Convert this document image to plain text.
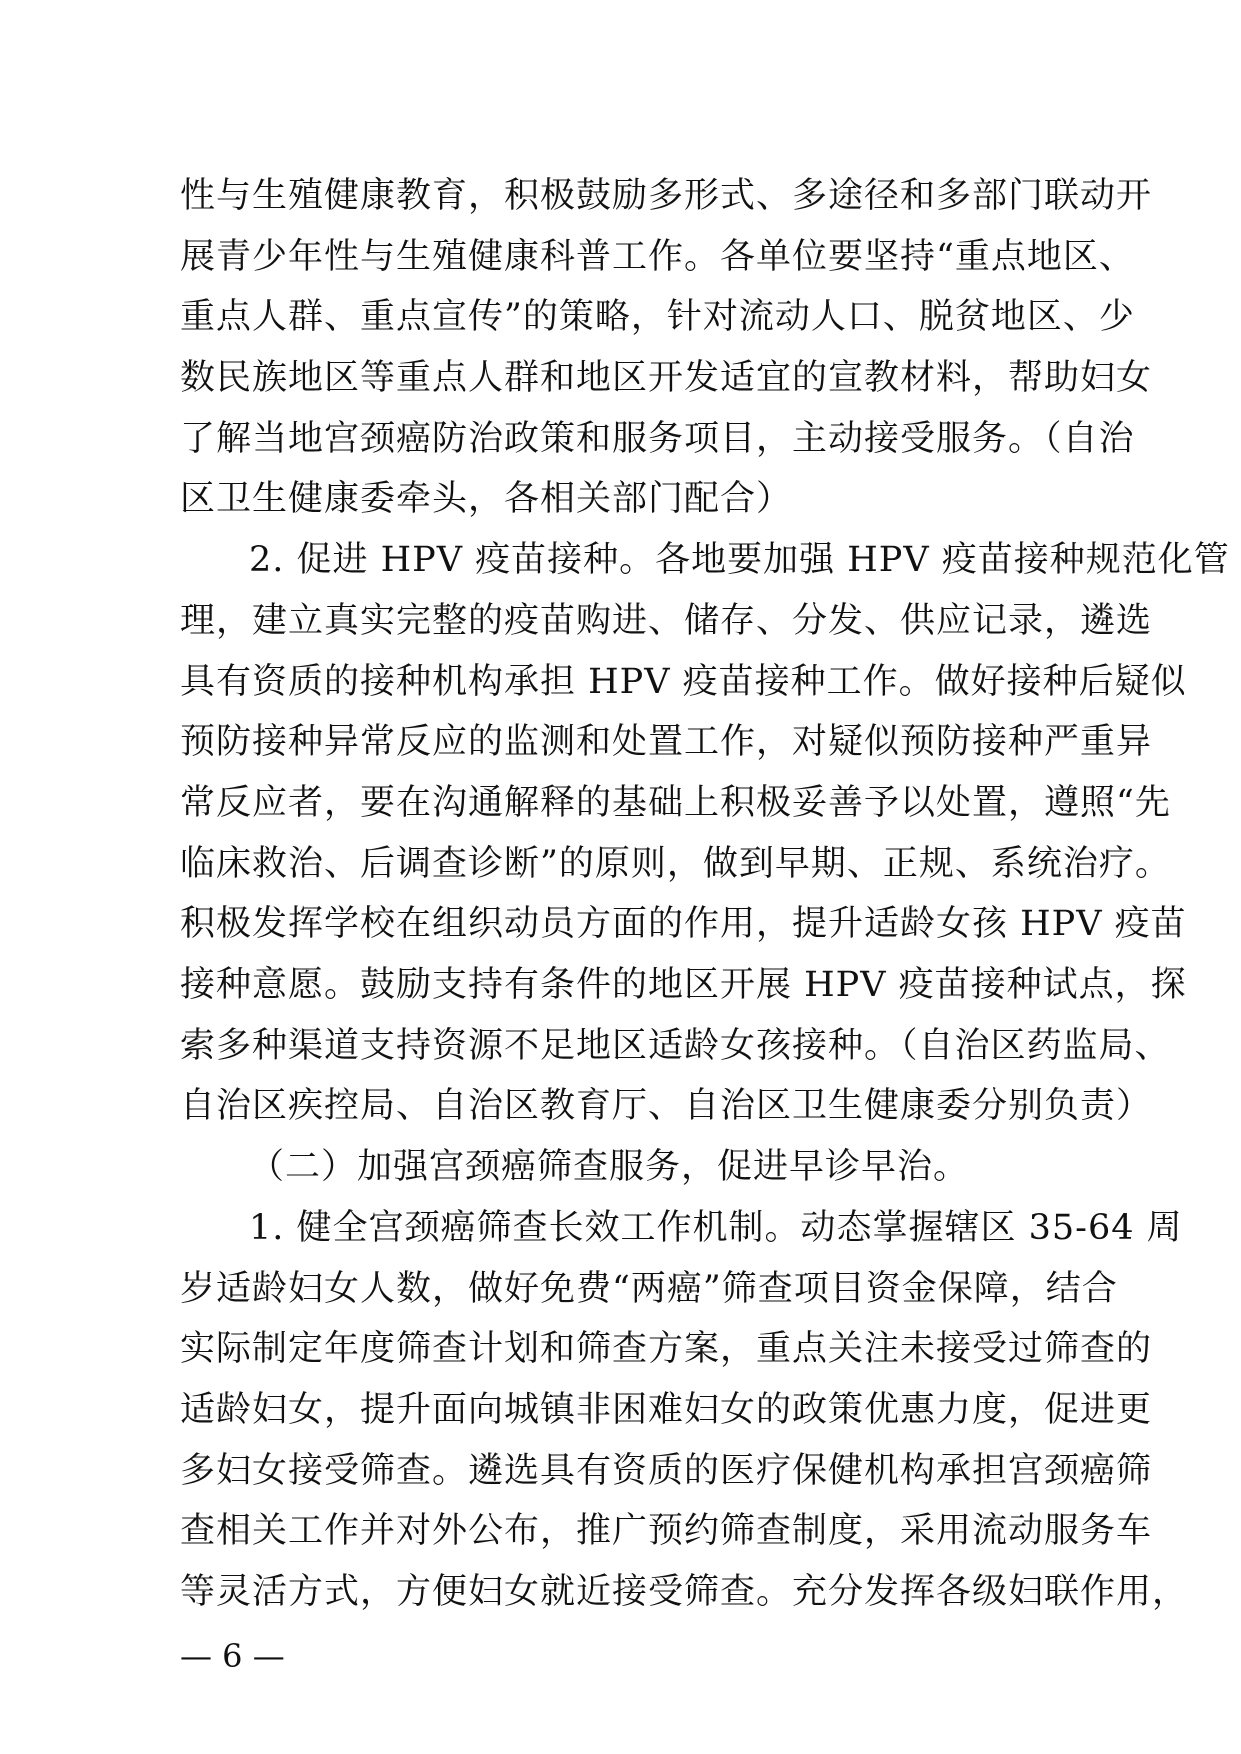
性与生殖健康教育，积极鼓励多形式、多途径和多部门联动开
展青少年性与生殖健康科普工作。各单位要坚持“重点地区、
重点人群、重点宣传”的策略，针对流动人口、脱贫地区、少
数民族地区等重点人群和地区开发适宜的宣教材料，帮助妇女
了解当地宫颈癌防治政策和服务项目，主动接受服务。（自治
区卫生健康委牵头，各相关部门配合）
2. 促进 HPV 疫苗接种。各地要加强 HPV 疫苗接种规范化管
理，建立真实完整的疫苗购进、储存、分发、供应记录，遴选
具有资质的接种机构承担 HPV 疫苗接种工作。做好接种后疑似
预防接种异常反应的监测和处置工作，对疑似预防接种严重异
常反应者，要在沟通解释的基础上积极妥善予以处置，遵照“先
临床救治、后调查诊断”的原则，做到早期、正规、系统治疗。
积极发挥学校在组织动员方面的作用，提升适龄女孩 HPV 疫苗
接种意愿。鼓励支持有条件的地区开展 HPV 疫苗接种试点，探
索多种渠道支持资源不足地区适龄女孩接种。（自治区药监局、
自治区疾控局、自治区教育厅、自治区卫生健康委分别负责）
（二）加强宫颈癌筛查服务，促进早诊早治。
1. 健全宫颈癌筛查长效工作机制。动态掌握辖区 35-64 周
岁适龄妇女人数，做好免费“两癌”筛查项目资金保障，结合
实际制定年度筛查计划和筛查方案，重点关注未接受过筛查的
适龄妇女，提升面向城镇非困难妇女的政策优惠力度，促进更
多妇女接受筛查。遴选具有资质的医疗保健机构承担宫颈癌筛
查相关工作并对外公布，推广预约筛查制度，采用流动服务车
等灵活方式，方便妇女就近接受筛查。充分发挥各级妇联作用，
— 6 —
